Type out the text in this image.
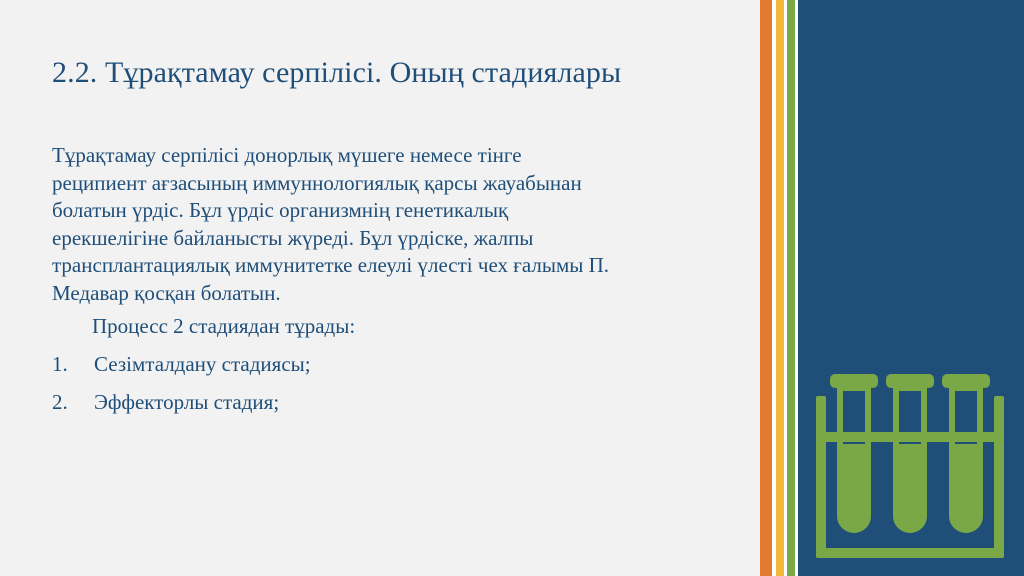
2.2. Тұрақтамау серпілісі. Оның стадиялары
Тұрақтамау серпілісі донорлық мүшеге немесе тінге
реципиент ағзасының иммуннологиялық қарсы жауабынан
болатын үрдіс. Бұл үрдіс организмнің генетикалық
ерекшелігіне байланысты жүреді. Бұл үрдіске, жалпы
трансплантациялық иммунитетке елеулі үлесті чех ғалымы П.
Медавар қосқан болатын.
Процесс 2 стадиядан тұрады:
1.	Сезімталдану стадиясы;
2.	Эффекторлы стадия;
